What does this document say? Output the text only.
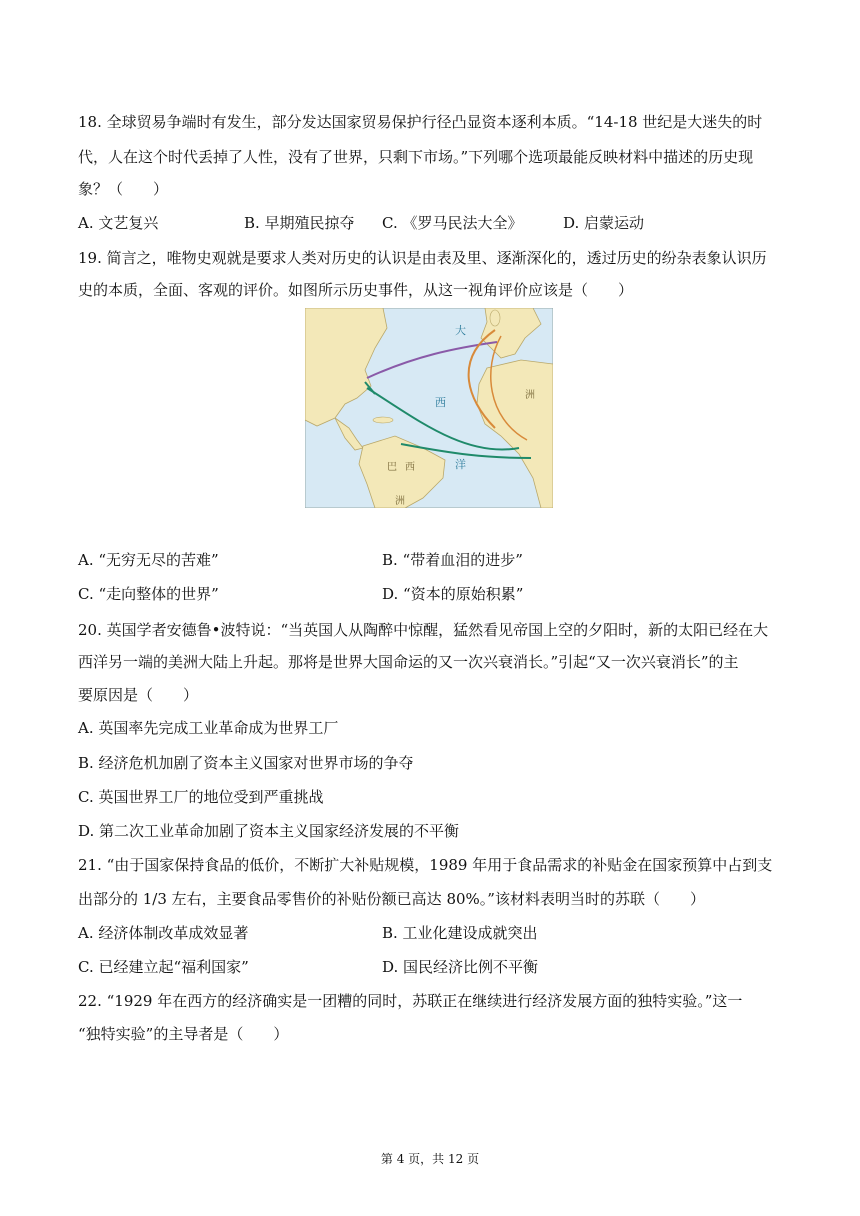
18. 全球贸易争端时有发生，部分发达国家贸易保护行径凸显资本逐利本质。“14-18 世纪是大迷失的时
代，人在这个时代丢掉了人性，没有了世界，只剩下市场。”下列哪个选项最能反映材料中描述的历史现
象？（　　）
A. 文艺复兴	B. 早期殖民掠夺 C. 《罗马民法大全》	D. 启蒙运动
19. 简言之，唯物史观就是要求人类对历史的认识是由表及里、逐渐深化的，透过历史的纷杂表象认识历
史的本质，全面、客观的评价。如图所示历史事件，从这一视角评价应该是（　　）
大
西
洋
洲
巴 西
洲
A. “无穷无尽的苦难”	B. “带着血泪的进步”
C. “走向整体的世界”	D. “资本的原始积累”
20. 英国学者安德鲁•波特说：“当英国人从陶醉中惊醒，猛然看见帝国上空的夕阳时，新的太阳已经在大
西洋另一端的美洲大陆上升起。那将是世界大国命运的又一次兴衰消长。”引起“又一次兴衰消长”的主
要原因是（　　）
A. 英国率先完成工业革命成为世界工厂
B. 经济危机加剧了资本主义国家对世界市场的争夺
C. 英国世界工厂的地位受到严重挑战
D. 第二次工业革命加剧了资本主义国家经济发展的不平衡
21. “由于国家保持食品的低价，不断扩大补贴规模，1989 年用于食品需求的补贴金在国家预算中占到支
出部分的 1/3 左右，主要食品零售价的补贴份额已高达 80%。”该材料表明当时的苏联（　　）
A. 经济体制改革成效显著	B. 工业化建设成就突出
C. 已经建立起“福利国家”	D. 国民经济比例不平衡
22. “1929 年在西方的经济确实是一团糟的同时，苏联正在继续进行经济发展方面的独特实验。”这一
“独特实验”的主导者是（　　）
第 4 页，共 12 页
